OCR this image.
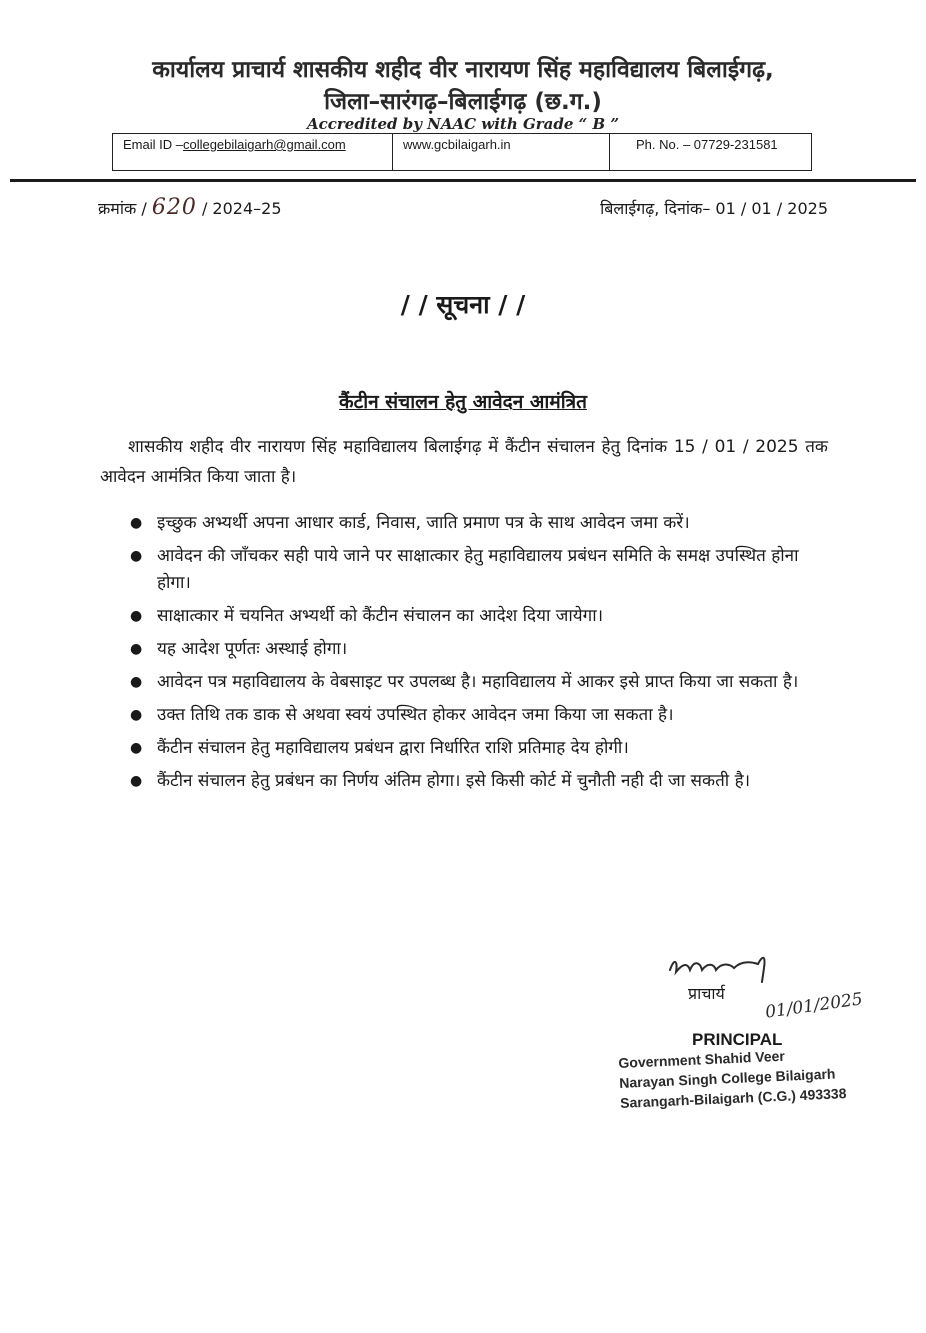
कार्यालय प्राचार्य शासकीय शहीद वीर नारायण सिंह महाविद्यालय बिलाईगढ़,
जिला–सारंगढ़–बिलाईगढ़ (छ.ग.)
Accredited by NAAC with Grade “ B ”
Email ID –collegebilaigarh@gmail.com	www.gcbilaigarh.in	Ph. No. – 07729-231581
क्रमांक / 620 / 2024–25	बिलाईगढ़, दिनांक– 01 / 01 / 2025
/ / सूचना / /
कैंटीन संचालन हेतु आवेदन आमंत्रित
शासकीय शहीद वीर नारायण सिंह महाविद्यालय बिलाईगढ़ में कैंटीन संचालन हेतु दिनांक 15 / 01 / 2025 तक आवेदन आमंत्रित किया जाता है।
● इच्छुक अभ्यर्थी अपना आधार कार्ड, निवास, जाति प्रमाण पत्र के साथ आवेदन जमा करें।
● आवेदन की जाँचकर सही पाये जाने पर साक्षात्कार हेतु महाविद्यालय प्रबंधन समिति के समक्ष उपस्थित होना होगा।
● साक्षात्कार में चयनित अभ्यर्थी को कैंटीन संचालन का आदेश दिया जायेगा।
● यह आदेश पूर्णतः अस्थाई होगा।
● आवेदन पत्र महाविद्यालय के वेबसाइट पर उपलब्ध है। महाविद्यालय में आकर इसे प्राप्त किया जा सकता है।
● उक्त तिथि तक डाक से अथवा स्वयं उपस्थित होकर आवेदन जमा किया जा सकता है।
● कैंटीन संचालन हेतु महाविद्यालय प्रबंधन द्वारा निर्धारित राशि प्रतिमाह देय होगी।
● कैंटीन संचालन हेतु प्रबंधन का निर्णय अंतिम होगा। इसे किसी कोर्ट में चुनौती नही दी जा सकती है।
प्राचार्य 01/01/2025
PRINCIPAL
Government Shahid Veer
Narayan Singh College Bilaigarh
Sarangarh-Bilaigarh (C.G.) 493338
